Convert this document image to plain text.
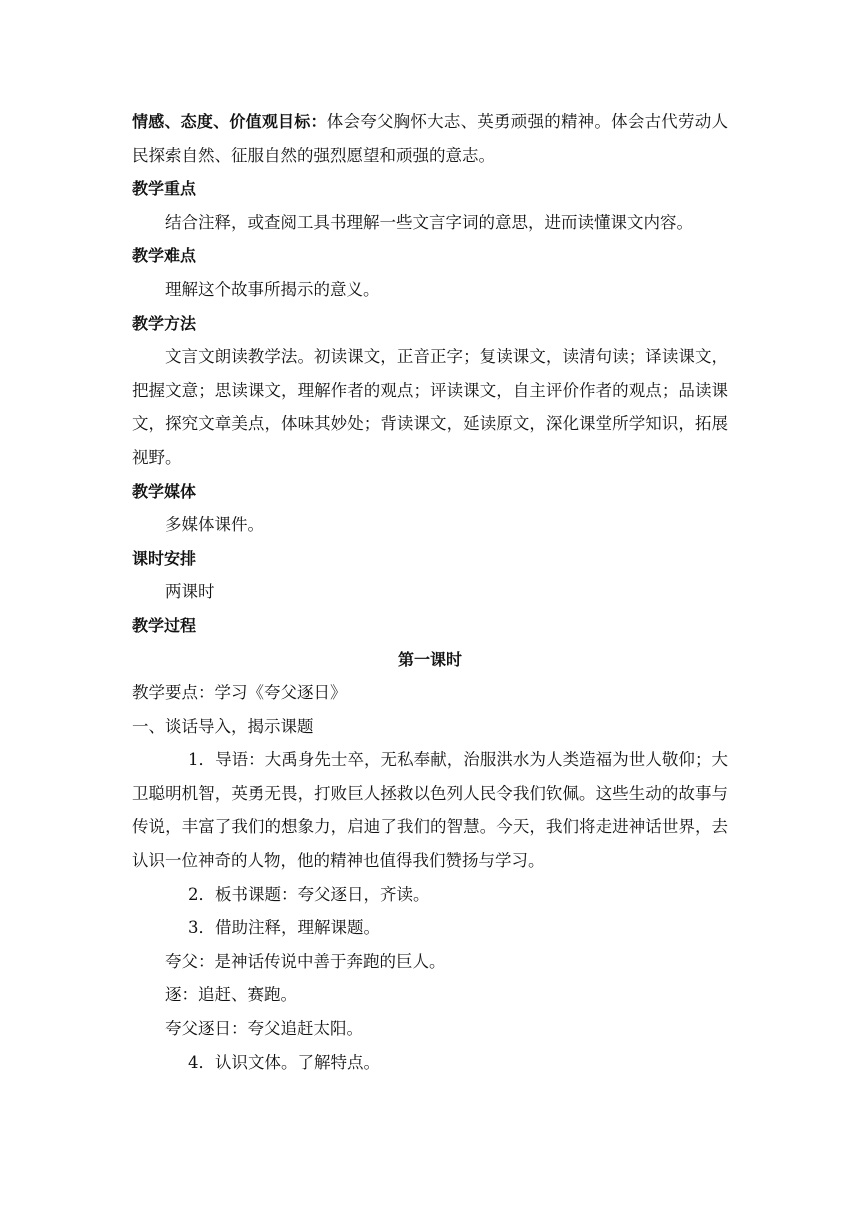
情感、态度、价值观目标：体会夸父胸怀大志、英勇顽强的精神。体会古代劳动人民探索自然、征服自然的强烈愿望和顽强的意志。

教学重点

结合注释，或查阅工具书理解一些文言字词的意思，进而读懂课文内容。

教学难点

理解这个故事所揭示的意义。

教学方法

文言文朗读教学法。初读课文，正音正字；复读课文，读清句读；译读课文，把握文意；思读课文，理解作者的观点；评读课文，自主评价作者的观点；品读课文，探究文章美点，体味其妙处；背读课文，延读原文，深化课堂所学知识，拓展视野。

教学媒体

多媒体课件。

课时安排

两课时

教学过程

第一课时

教学要点：学习《夸父逐日》

一、谈话导入，揭示课题

1．导语：大禹身先士卒，无私奉献，治服洪水为人类造福为世人敬仰；大卫聪明机智，英勇无畏，打败巨人拯救以色列人民令我们钦佩。这些生动的故事与传说，丰富了我们的想象力，启迪了我们的智慧。今天，我们将走进神话世界，去认识一位神奇的人物，他的精神也值得我们赞扬与学习。

2．板书课题：夸父逐日，齐读。

3．借助注释，理解课题。

夸父：是神话传说中善于奔跑的巨人。

逐：追赶、赛跑。

夸父逐日：夸父追赶太阳。

4．认识文体。了解特点。
